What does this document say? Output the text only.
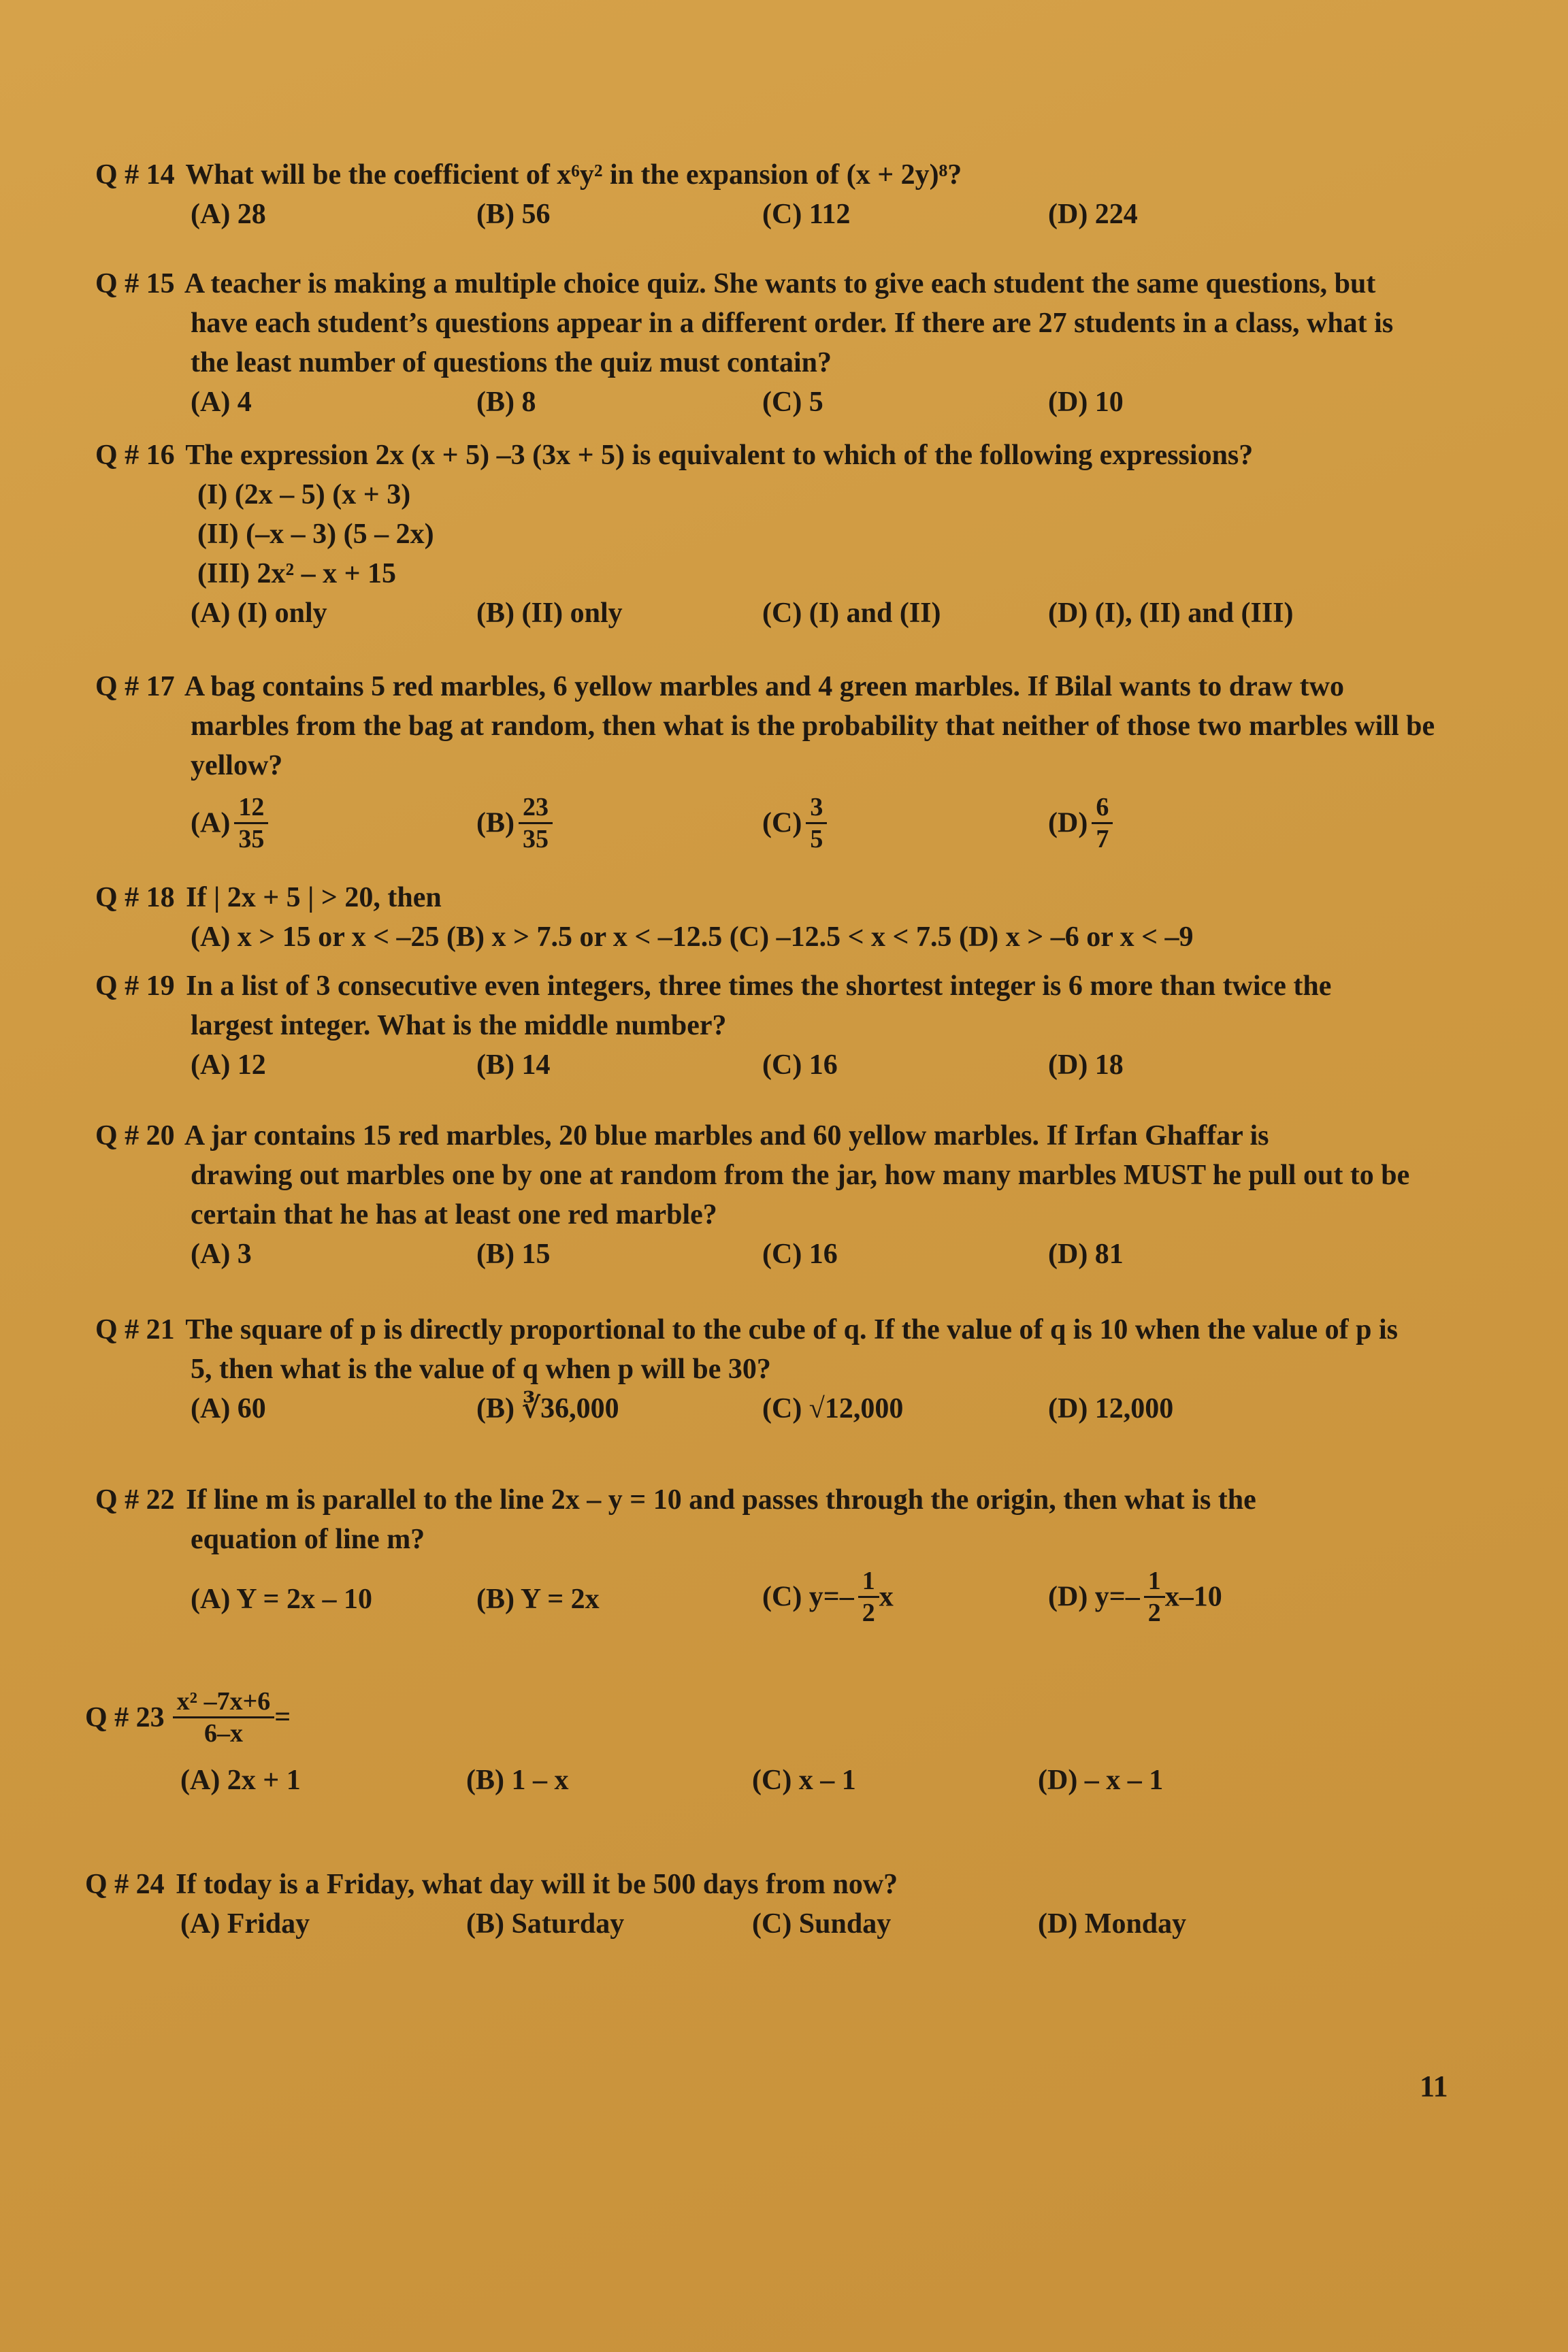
Q # 14 What will be the coefficient of x⁶y² in the expansion of (x + 2y)⁸?
(A) 28	(B) 56	(C) 112	(D) 224
Q # 15 A teacher is making a multiple choice quiz. She wants to give each student the same questions, but
have each student’s questions appear in a different order. If there are 27 students in a class, what is
the least number of questions the quiz must contain?
(A) 4	(B) 8	(C) 5	(D) 10
Q # 16 The expression 2x (x + 5) –3 (3x + 5) is equivalent to which of the following expressions?
(I) (2x – 5) (x + 3)
(II) (–x – 3) (5 – 2x)
(III) 2x² – x + 15
(A) (I) only	(B) (II) only	(C) (I) and (II)	(D) (I), (II) and (III)
Q # 17 A bag contains 5 red marbles, 6 yellow marbles and 4 green marbles. If Bilal wants to draw two
marbles from the bag at random, then what is the probability that neither of those two marbles will be
yellow?
$(A) \frac{12}{35}$	$(B) \frac{23}{35}$	$(C) \frac{3}{5}$	$(D) \frac{6}{7}$
Q # 18 If | 2x + 5 | > 20, then
(A) x > 15 or x < –25 (B) x > 7.5 or x < –12.5 (C) –12.5 < x < 7.5 (D) x > –6 or x < –9
Q # 19 In a list of 3 consecutive even integers, three times the shortest integer is 6 more than twice the
largest integer. What is the middle number?
(A) 12	(B) 14	(C) 16	(D) 18
Q # 20 A jar contains 15 red marbles, 20 blue marbles and 60 yellow marbles. If Irfan Ghaffar is
drawing out marbles one by one at random from the jar, how many marbles MUST he pull out to be
certain that he has at least one red marble?
(A) 3	(B) 15	(C) 16	(D) 81
Q # 21 The square of p is directly proportional to the cube of q. If the value of q is 10 when the value of p is
5, then what is the value of q when p will be 30?
(A) 60	(B) ∛36,000	(C) √12,000	(D) 12,000
Q # 22 If line m is parallel to the line 2x – y = 10 and passes through the origin, then what is the
equation of line m?
(A) Y = 2x – 10	(B) Y = 2x	(C) $y=- \frac{1}{2}$ x	(D) $y=- \frac{1}{2} x-10$
Q # $23 \frac{\text{x² –7x+6}}{6-x}$ =
(A) 2x + 1	(B) 1 – x	(C) x – 1	(D) – x – 1
Q # 24 If today is a Friday, what day will it be 500 days from now?
(A) Friday	(B) Saturday	(C) Sunday	(D) Monday
11
